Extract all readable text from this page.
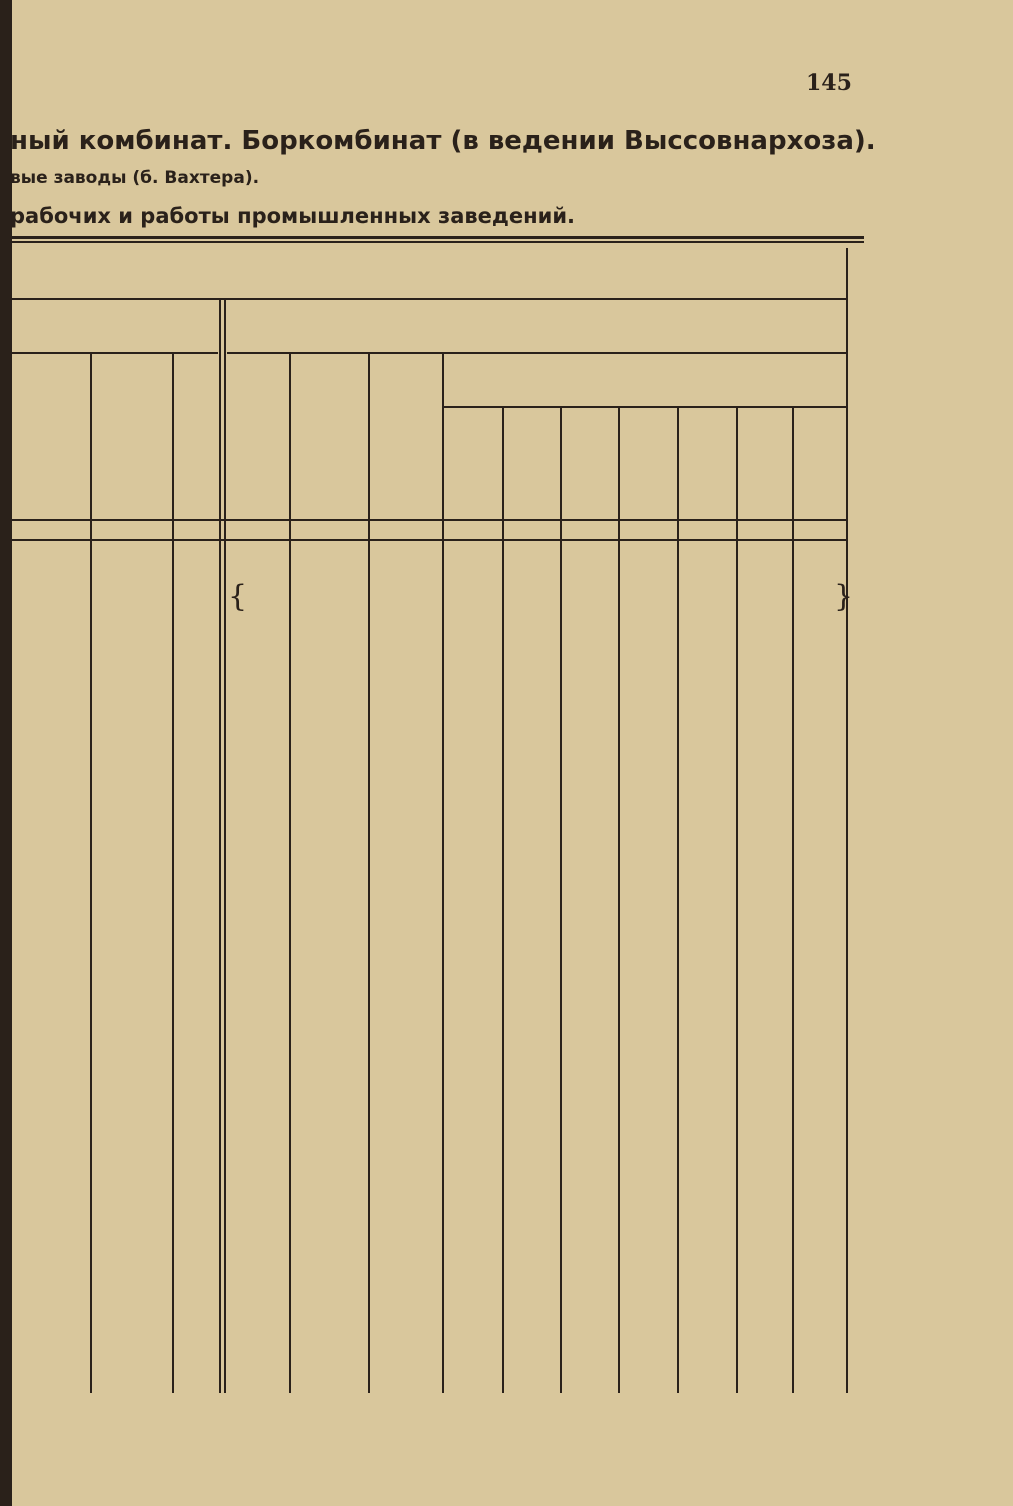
145
ный комбинат. Боркомбинат (в ведении Выссовнархоза).
вые заводы (б. Вахтера).
рабочих и работы промышленных заведений.
{	}
